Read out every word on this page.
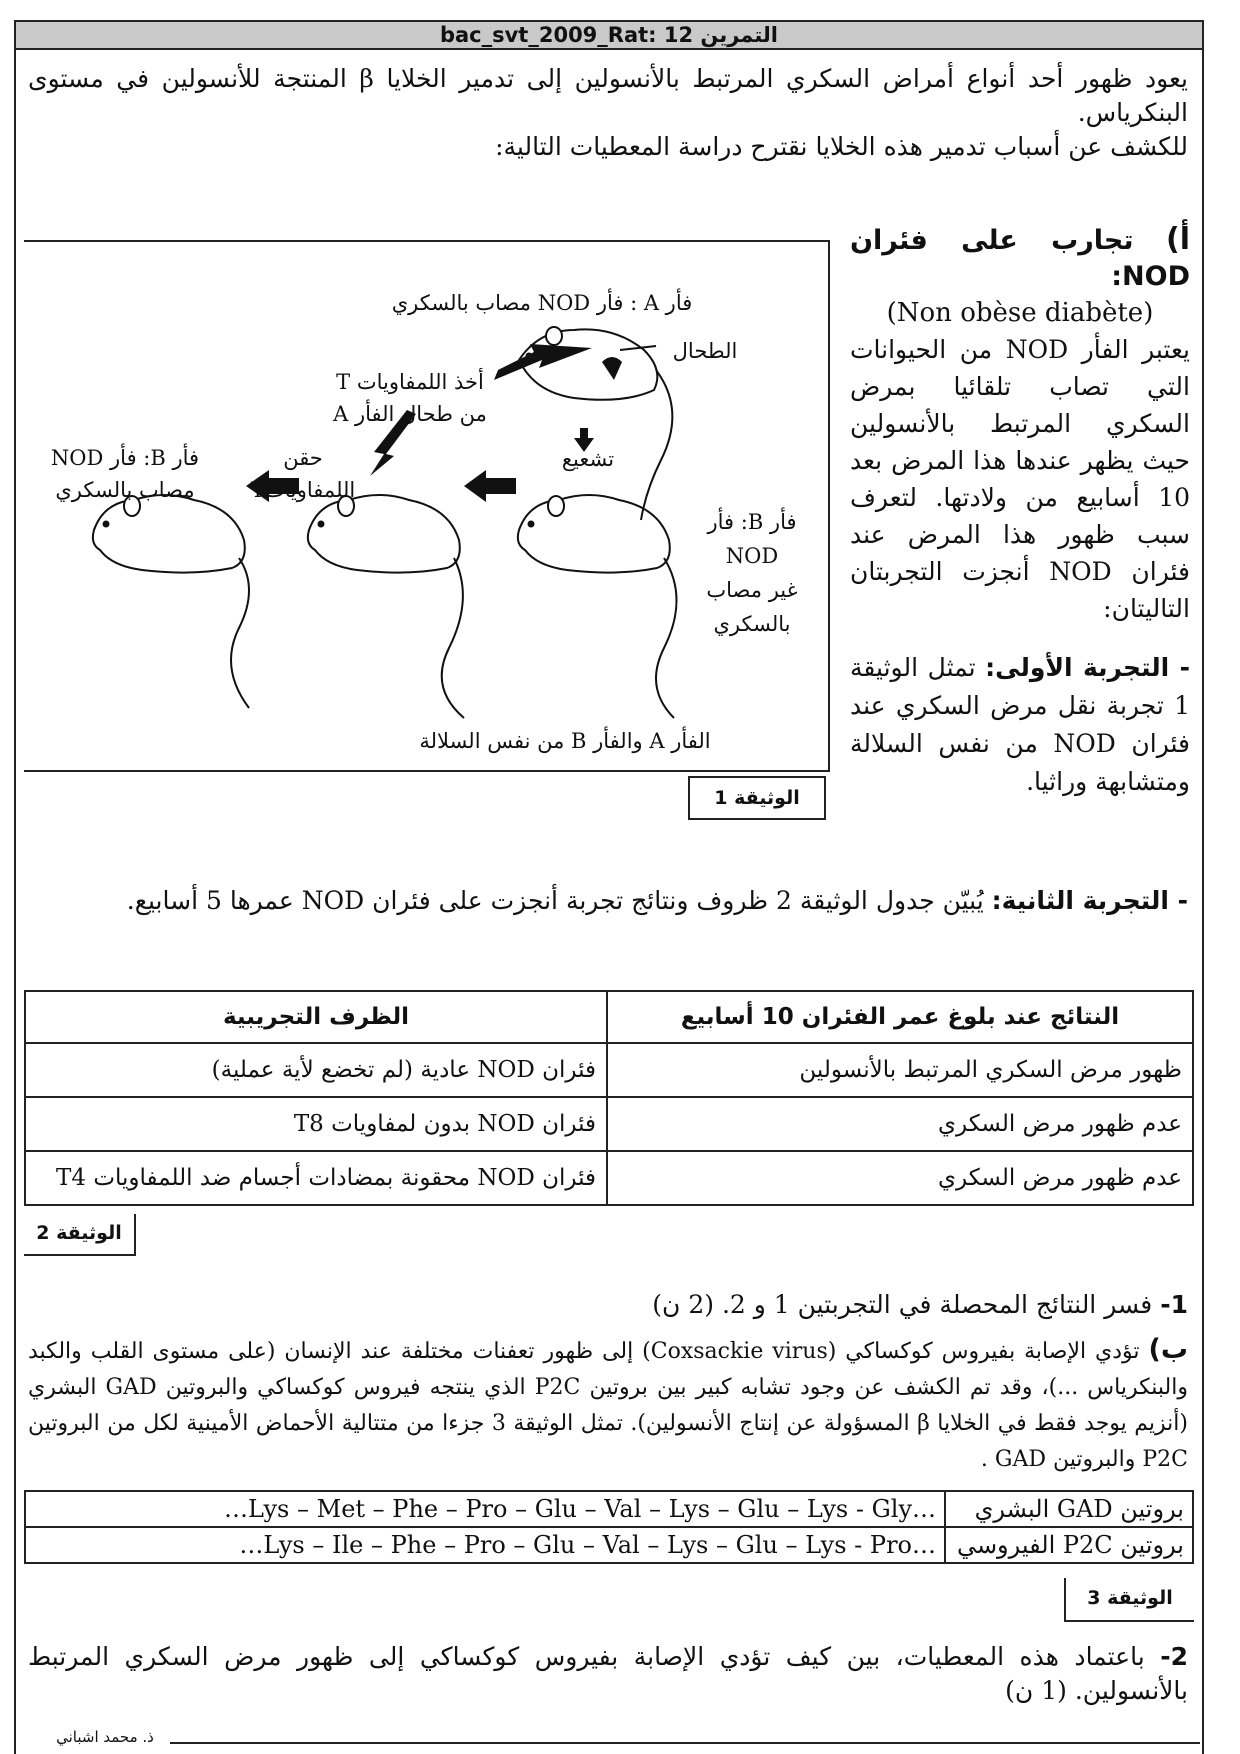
bac_svt_2009_Rat: 12 التمرين
يعود ظهور أحد أنواع أمراض السكري المرتبط بالأنسولين إلى تدمير الخلايا β المنتجة للأنسولين في مستوى البنكرياس.
للكشف عن أسباب تدمير هذه الخلايا نقترح دراسة المعطيات التالية:
أ) تجارب على فئران NOD:
(Non obèse diabète)
يعتبر الفأر NOD من الحيوانات التي تصاب تلقائيا بمرض السكري المرتبط بالأنسولين حيث يظهر عندها هذا المرض بعد 10 أسابيع من ولادتها. لتعرف سبب ظهور هذا المرض عند فئران NOD أنجزت التجربتان التاليتان:
- التجربة الأولى: تمثل الوثيقة 1 تجربة نقل مرض السكري عند فئران NOD من نفس السلالة ومتشابهة وراثيا.
فأر A : فأر NOD مصاب بالسكري
الطحال
أخذ اللمفاويات T
من طحال الفأر A
تشعيع
حقن
اللمفاوياتT
فأر B: فأر NOD
مصاب بالسكري
فأر B: فأر
NOD
غير مصاب
بالسكري
الفأر A والفأر B من نفس السلالة
الوثيقة 1
- التجربة الثانية: يُبيّن جدول الوثيقة 2 ظروف ونتائج تجربة أنجزت على فئران NOD عمرها 5 أسابيع.
الظرف التجريبية	النتائج عند بلوغ عمر الفئران 10 أسابيع
فئران NOD عادية (لم تخضع لأية عملية)	ظهور مرض السكري المرتبط بالأنسولين
فئران NOD بدون لمفاويات T8	عدم ظهور مرض السكري
فئران NOD محقونة بمضادات أجسام ضد اللمفاويات T4	عدم ظهور مرض السكري
الوثيقة 2
1- فسر النتائج المحصلة في التجربتين 1 و 2. (2 ن)
ب) تؤدي الإصابة بفيروس كوكساكي (Coxsackie virus) إلى ظهور تعفنات مختلفة عند الإنسان (على مستوى القلب والكبد والبنكرياس ...)، وقد تم الكشف عن وجود تشابه كبير بين بروتين P2C الذي ينتجه فيروس كوكساكي والبروتين GAD البشري (أنزيم يوجد فقط في الخلايا β المسؤولة عن إنتاج الأنسولين). تمثل الوثيقة 3 جزءا من متتالية الأحماض الأمينية لكل من البروتين P2C والبروتين GAD .
…Lys – Met – Phe – Pro – Glu – Val – Lys – Glu – Lys - Gly…	بروتين GAD البشري
…Lys – Ile – Phe – Pro – Glu – Val – Lys – Glu – Lys - Pro…	بروتين P2C الفيروسي
الوثيقة 3
2- باعتماد هذه المعطيات، بين كيف تؤدي الإصابة بفيروس كوكساكي إلى ظهور مرض السكري المرتبط بالأنسولين. (1 ن)
ذ. محمد اشباني
